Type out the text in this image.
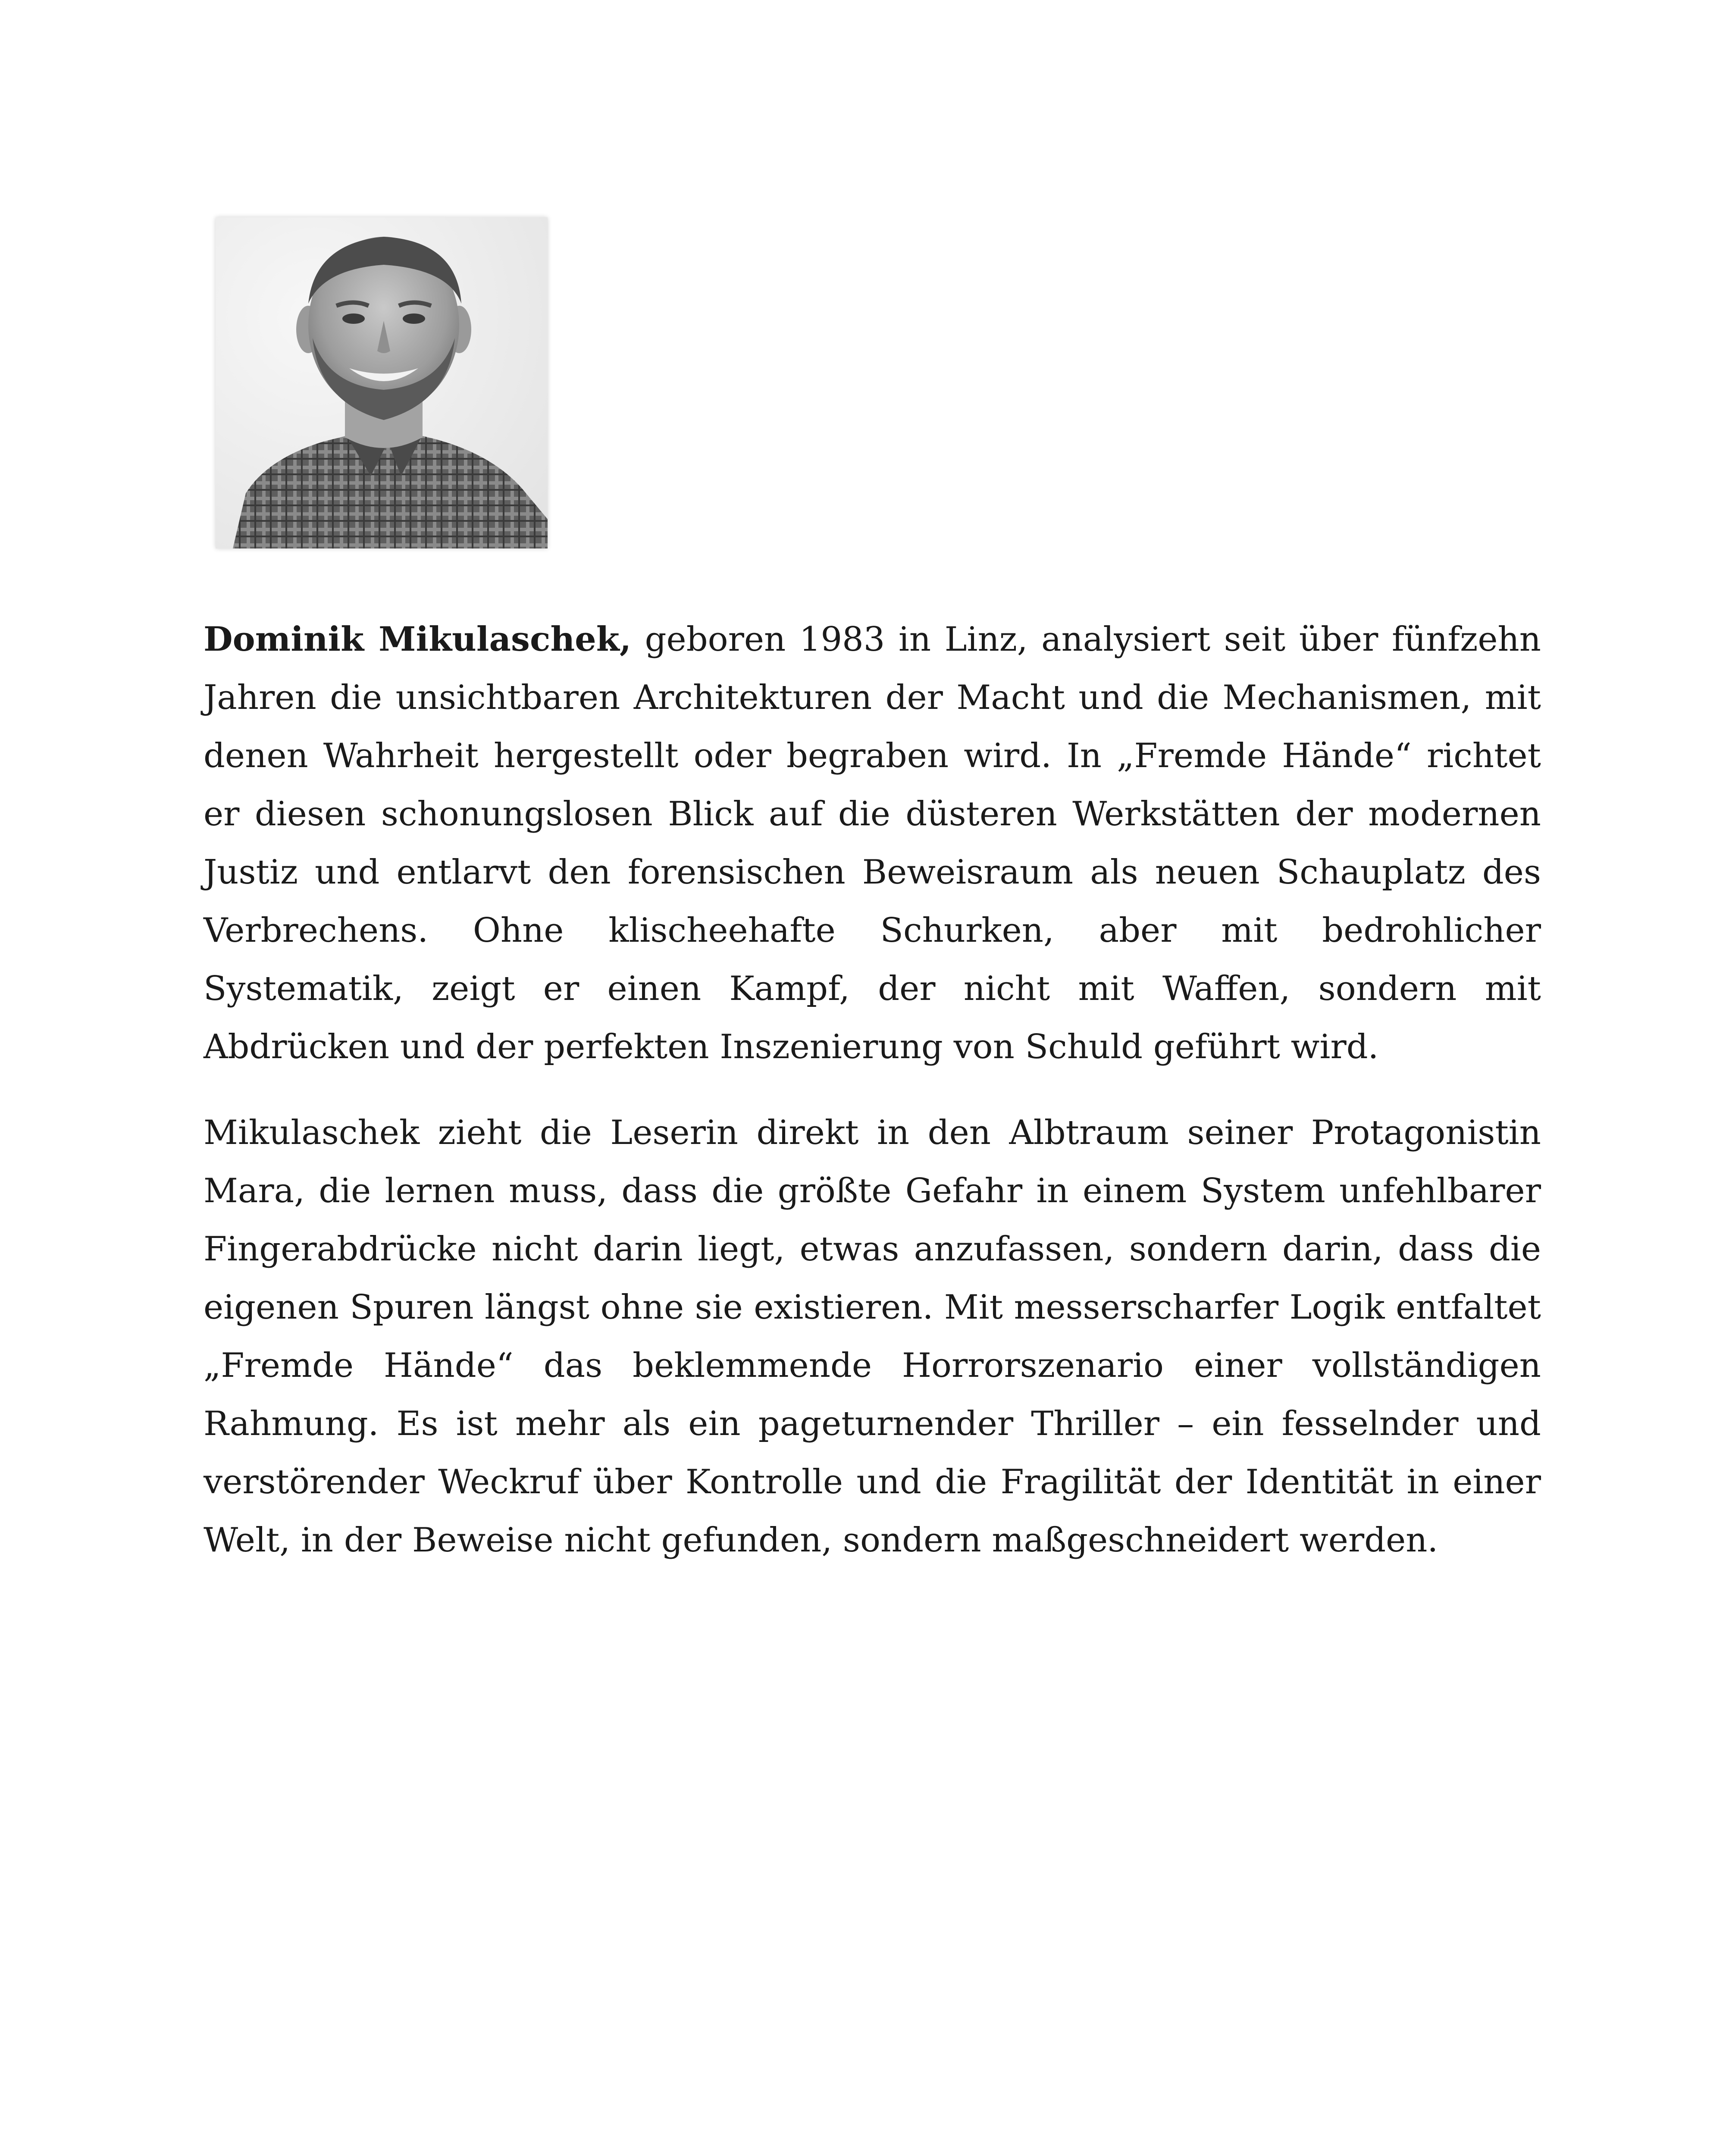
Dominik Mikulaschek, geboren 1983 in Linz, analysiert seit über fünfzehn Jahren die unsichtbaren Architekturen der Macht und die Mechanismen, mit denen Wahrheit hergestellt oder begraben wird. In „Fremde Hände“ richtet er diesen schonungslosen Blick auf die düsteren Werkstätten der modernen Justiz und entlarvt den forensischen Beweisraum als neuen Schauplatz des Verbrechens. Ohne klischeehafte Schurken, aber mit bedrohlicher Systematik, zeigt er einen Kampf, der nicht mit Waffen, sondern mit Abdrücken und der perfekten Inszenierung von Schuld geführt wird.

Mikulaschek zieht die Leserin direkt in den Albtraum seiner Protagonistin Mara, die lernen muss, dass die größte Gefahr in einem System unfehlbarer Fingerabdrücke nicht darin liegt, etwas anzufassen, sondern darin, dass die eigenen Spuren längst ohne sie existieren. Mit messerscharfer Logik entfaltet „Fremde Hände“ das beklemmende Horrorszenario einer vollständigen Rahmung. Es ist mehr als ein pageturnender Thriller – ein fesselnder und verstörender Weckruf über Kontrolle und die Fragilität der Identität in einer Welt, in der Beweise nicht gefunden, sondern maßgeschneidert werden.
